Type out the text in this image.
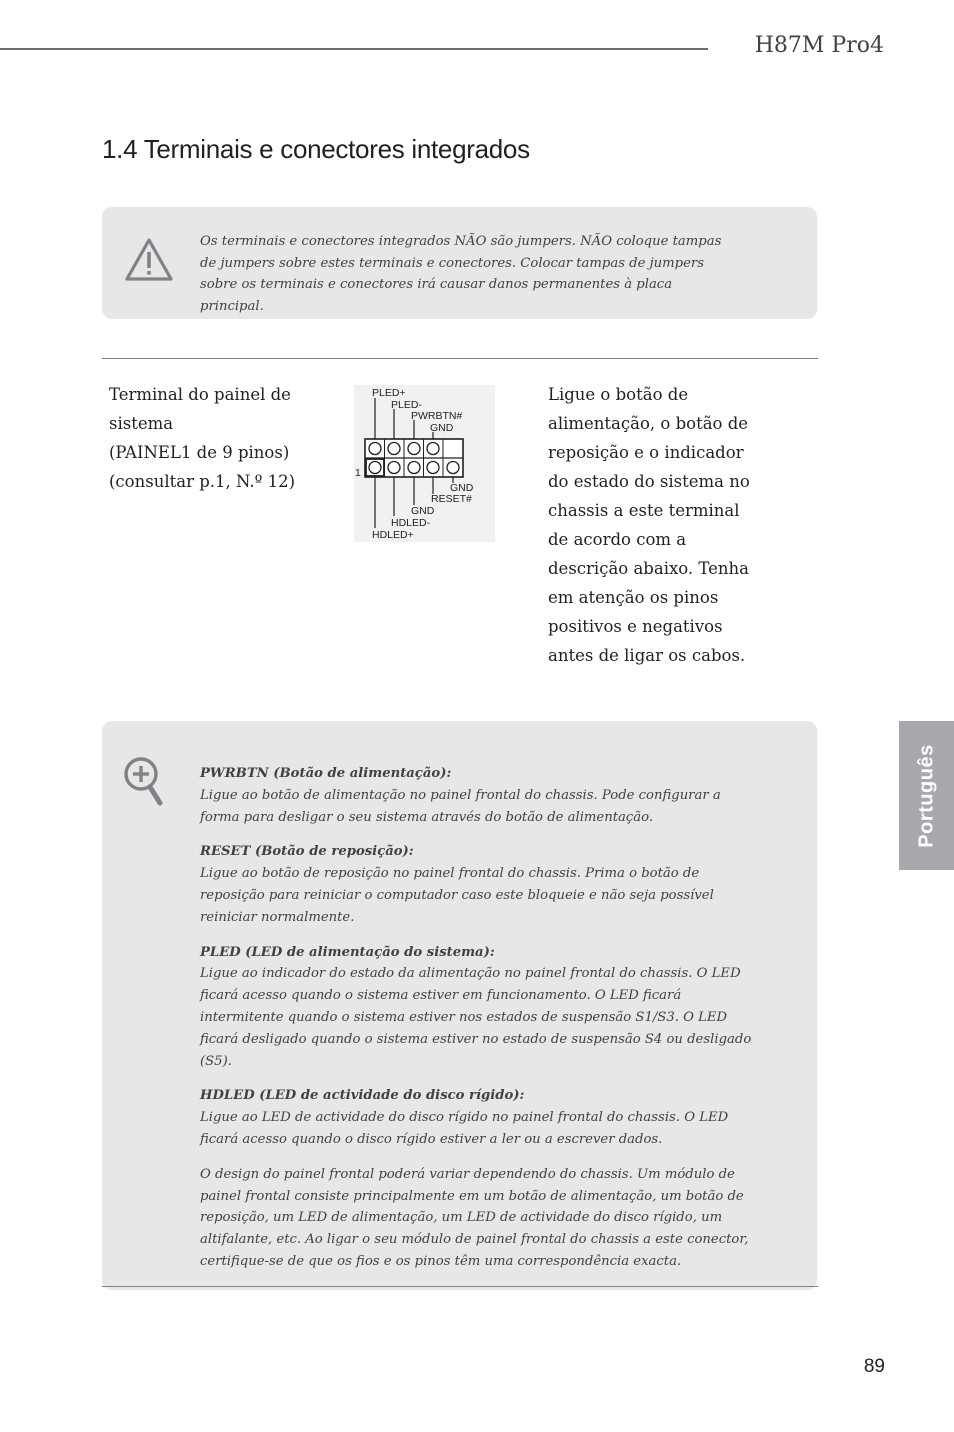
H87M Pro4
1.4 Terminais e conectores integrados
Os terminais e conectores integrados NÃO são jumpers. NÃO coloque tampas de jumpers sobre estes terminais e conectores. Colocar tampas de jumpers sobre os terminais e conectores irá causar danos permanentes à placa principal.
Terminal do painel de
sistema
(PAINEL1 de 9 pinos)
(consultar p.1, N.º 12)
PLED+
PLED-
PWRBTN#
GND
1
GND
RESET#
GND
HDLED-
HDLED+
Ligue o botão de alimentação, o botão de reposição e o indicador do estado do sistema no chassis a este terminal de acordo com a descrição abaixo. Tenha em atenção os pinos positivos e negativos antes de ligar os cabos.
PWRBTN (Botão de alimentação):
Ligue ao botão de alimentação no painel frontal do chassis. Pode configurar a forma para desligar o seu sistema através do botão de alimentação.
RESET (Botão de reposição):
Ligue ao botão de reposição no painel frontal do chassis. Prima o botão de reposição para reiniciar o computador caso este bloqueie e não seja possível reiniciar normalmente.
PLED (LED de alimentação do sistema):
Ligue ao indicador do estado da alimentação no painel frontal do chassis. O LED ficará acesso quando o sistema estiver em funcionamento. O LED ficará intermitente quando o sistema estiver nos estados de suspensão S1/S3. O LED ficará desligado quando o sistema estiver no estado de suspensão S4 ou desligado (S5).
HDLED (LED de actividade do disco rígido):
Ligue ao LED de actividade do disco rígido no painel frontal do chassis. O LED ficará acesso quando o disco rígido estiver a ler ou a escrever dados.
O design do painel frontal poderá variar dependendo do chassis. Um módulo de painel frontal consiste principalmente em um botão de alimentação, um botão de reposição, um LED de alimentação, um LED de actividade do disco rígido, um altifalante, etc. Ao ligar o seu módulo de painel frontal do chassis a este conector, certifique-se de que os fios e os pinos têm uma correspondência exacta.
Português
89
